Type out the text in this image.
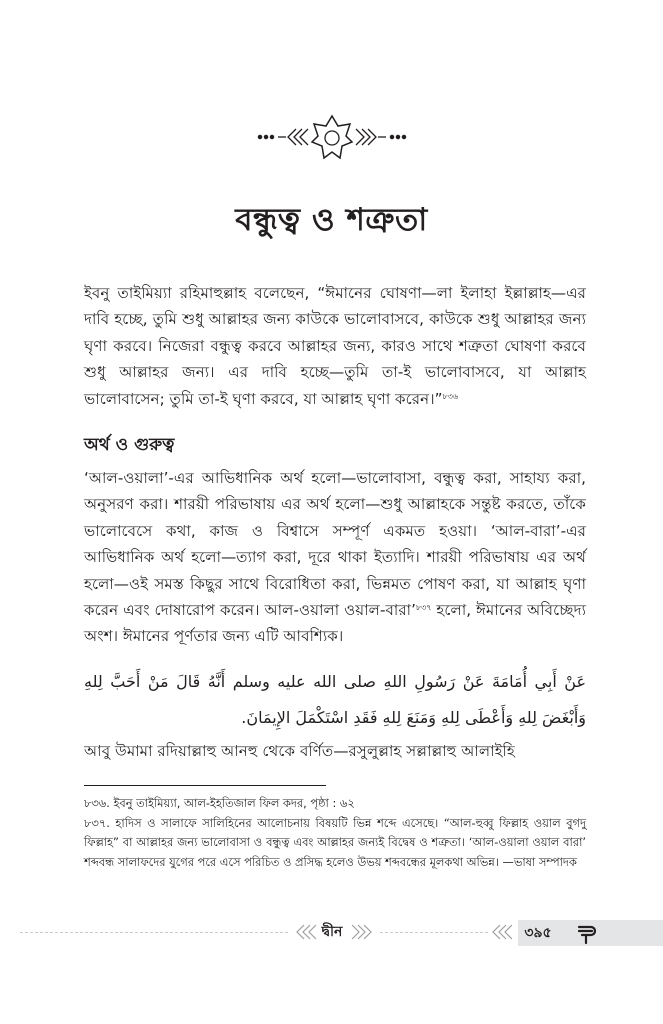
বন্ধুত্ব ও শত্রুতা

ইবনু তাইমিয়্যা রহিমাহুল্লাহ বলেছেন, “ঈমানের ঘোষণা—লা ইলাহা ইল্লাল্লাহ—এর দাবি হচ্ছে, তুমি শুধু আল্লাহর জন্য কাউকে ভালোবাসবে, কাউকে শুধু আল্লাহর জন্য ঘৃণা করবে। নিজেরা বন্ধুত্ব করবে আল্লাহর জন্য, কারও সাথে শত্রুতা ঘোষণা করবে শুধু আল্লাহর জন্য। এর দাবি হচ্ছে—তুমি তা-ই ভালোবাসবে, যা আল্লাহ ভালোবাসেন; তুমি তা-ই ঘৃণা করবে, যা আল্লাহ ঘৃণা করেন।”$^{৮৩৬}$

অর্থ ও গুরুত্ব

‘আল-ওয়ালা’-এর আভিধানিক অর্থ হলো—ভালোবাসা, বন্ধুত্ব করা, সাহায্য করা, অনুসরণ করা। শারয়ী পরিভাষায় এর অর্থ হলো—শুধু আল্লাহকে সন্তুষ্ট করতে, তাঁকে ভালোবেসে কথা, কাজ ও বিশ্বাসে সম্পূর্ণ একমত হওয়া। ‘আল-বারা’-এর আভিধানিক অর্থ হলো—ত্যাগ করা, দূরে থাকা ইত্যাদি। শারয়ী পরিভাষায় এর অর্থ হলো—ওই সমস্ত কিছুর সাথে বিরোধিতা করা, ভিন্নমত পোষণ করা, যা আল্লাহ ঘৃণা করেন এবং দোষারোপ করেন। আল-ওয়ালা ওয়াল-বারা’$^{৮৩৭}$ হলো, ঈমানের অবিচ্ছেদ্য অংশ। ঈমানের পূর্ণতার জন্য এটি আবশ্যিক।

عَنْ أَبِي أُمَامَةَ عَنْ رَسُولِ اللهِ صلى الله عليه وسلم أَنَّهُ قَالَ مَنْ أَحَبَّ لِلهِ وَأَبْغَضَ لِلهِ وَأَعْطَى لِلهِ وَمَنَعَ لِلهِ فَقَدِ اسْتَكْمَلَ الإِيمَانَ.

আবু উমামা রদিয়াল্লাহু আনহু থেকে বর্ণিত—রসুলুল্লাহ সল্লাল্লাহু আলাইহি

৮৩৬. ইবনু তাইমিয়্যা, আল-ইহতিজাল ফিল কদর, পৃষ্ঠা : ৬২

৮৩৭. হাদিস ও সালাফে সালিহিনের আলোচনায় বিষয়টি ভিন্ন শব্দে এসেছে। “আল-হুব্বু ফিল্লাহ ওয়াল বুগদু ফিল্লাহ” বা আল্লাহর জন্য ভালোবাসা ও বন্ধুত্ব এবং আল্লাহর জন্যই বিদ্বেষ ও শত্রুতা। ‘আল-ওয়ালা ওয়াল বারা’ শব্দবন্ধ সালাফদের যুগের পরে এসে পরিচিত ও প্রসিদ্ধ হলেও উভয় শব্দবন্ধের মূলকথা অভিন্ন। —ভাষা সম্পাদক

দ্বীন	৩৯৫
